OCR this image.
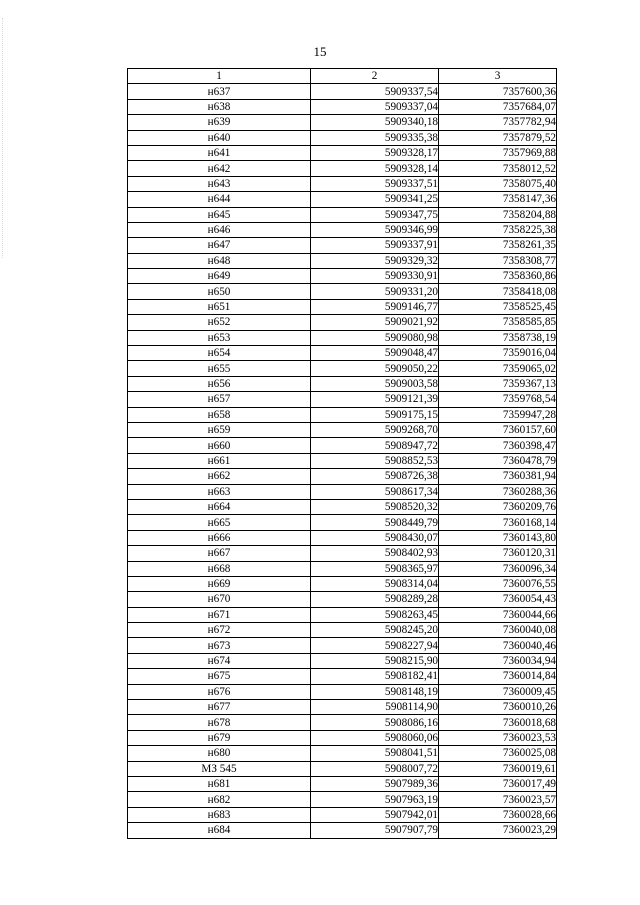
15
1	2	3
н637	5909337,54	7357600,36
н638	5909337,04	7357684,07
н639	5909340,18	7357782,94
н640	5909335,38	7357879,52
н641	5909328,17	7357969,88
н642	5909328,14	7358012,52
н643	5909337,51	7358075,40
н644	5909341,25	7358147,36
н645	5909347,75	7358204,88
н646	5909346,99	7358225,38
н647	5909337,91	7358261,35
н648	5909329,32	7358308,77
н649	5909330,91	7358360,86
н650	5909331,20	7358418,08
н651	5909146,77	7358525,45
н652	5909021,92	7358585,85
н653	5909080,98	7358738,19
н654	5909048,47	7359016,04
н655	5909050,22	7359065,02
н656	5909003,58	7359367,13
н657	5909121,39	7359768,54
н658	5909175,15	7359947,28
н659	5909268,70	7360157,60
н660	5908947,72	7360398,47
н661	5908852,53	7360478,79
н662	5908726,38	7360381,94
н663	5908617,34	7360288,36
н664	5908520,32	7360209,76
н665	5908449,79	7360168,14
н666	5908430,07	7360143,80
н667	5908402,93	7360120,31
н668	5908365,97	7360096,34
н669	5908314,04	7360076,55
н670	5908289,28	7360054,43
н671	5908263,45	7360044,66
н672	5908245,20	7360040,08
н673	5908227,94	7360040,46
н674	5908215,90	7360034,94
н675	5908182,41	7360014,84
н676	5908148,19	7360009,45
н677	5908114,90	7360010,26
н678	5908086,16	7360018,68
н679	5908060,06	7360023,53
н680	5908041,51	7360025,08
МЗ 545	5908007,72	7360019,61
н681	5907989,36	7360017,49
н682	5907963,19	7360023,57
н683	5907942,01	7360028,66
н684	5907907,79	7360023,29
